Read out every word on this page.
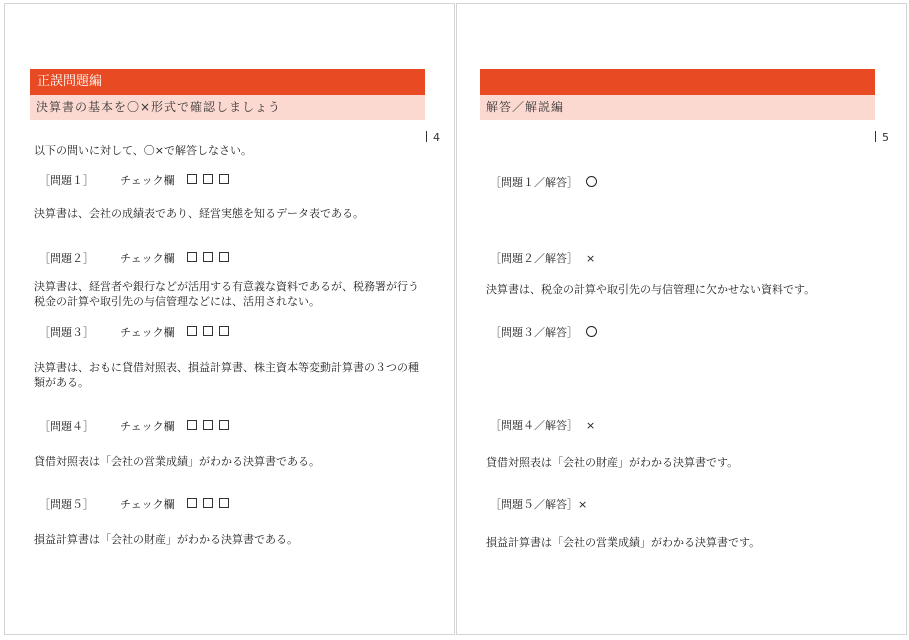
正誤問題編
決算書の基本を〇×形式で確認しましょう
4
以下の問いに対して、〇×で解答しなさい。
［問題１］ チェック欄
決算書は、会社の成績表であり、経営実態を知るデータ表である。
［問題２］ チェック欄
決算書は、経営者や銀行などが活用する有意義な資料であるが、税務署が行う税金の計算や取引先の与信管理などには、活用されない。
［問題３］ チェック欄
決算書は、おもに貸借対照表、損益計算書、株主資本等変動計算書の３つの種類がある。
［問題４］ チェック欄
貸借対照表は「会社の営業成績」がわかる決算書である。
［問題５］ チェック欄
損益計算書は「会社の財産」がわかる決算書である。
解答／解説編
5
［問題１／解答］
［問題２／解答］ ×
決算書は、税金の計算や取引先の与信管理に欠かせない資料です。
［問題３／解答］
［問題４／解答］ ×
貸借対照表は「会社の財産」がわかる決算書です。
［問題５／解答］×
損益計算書は「会社の営業成績」がわかる決算書です。
